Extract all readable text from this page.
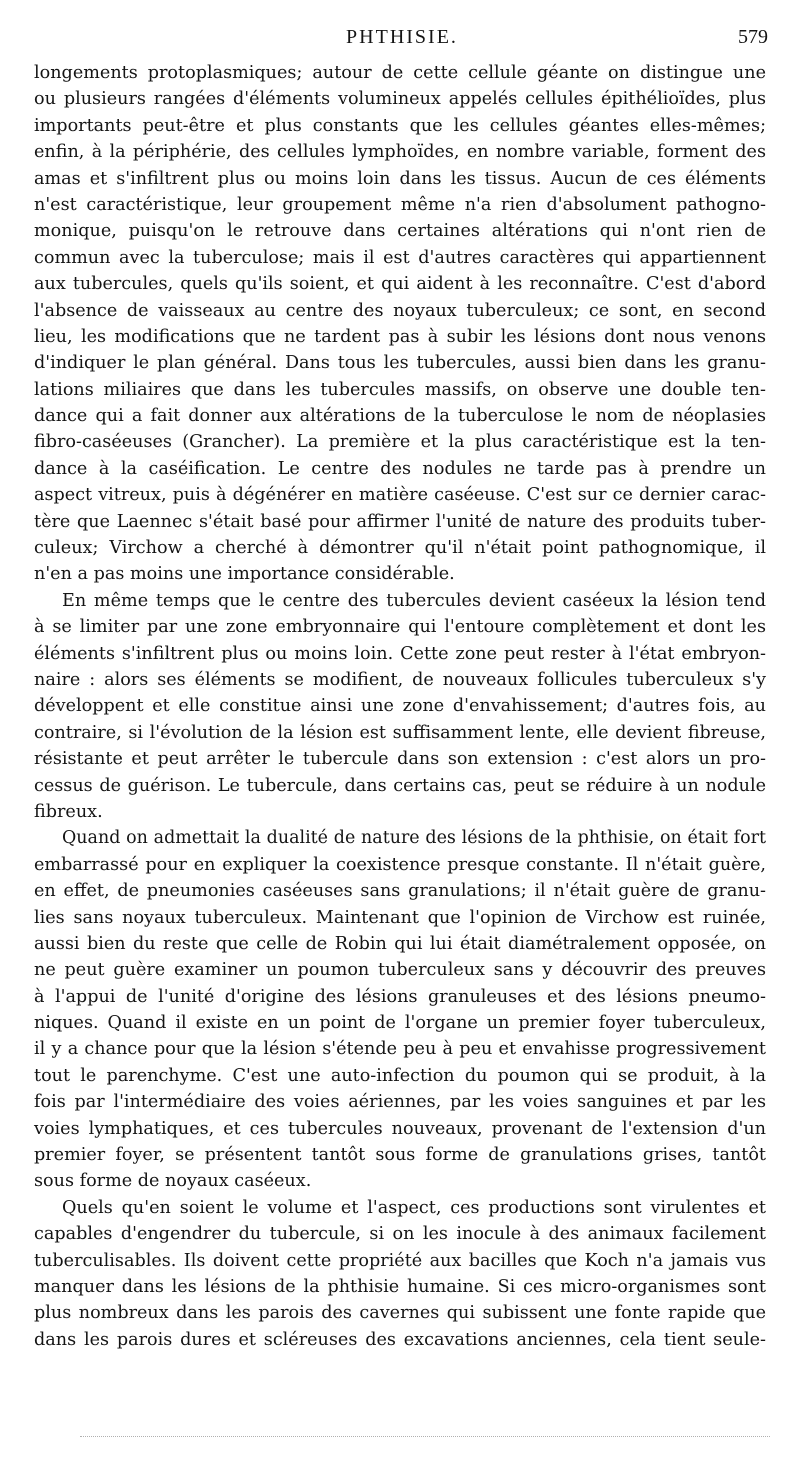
PHTHISIE.	579
longements protoplasmiques; autour de cette cellule géante on distingue une
ou plusieurs rangées d'éléments volumineux appelés cellules épithélioïdes, plus
importants peut-être et plus constants que les cellules géantes elles-mêmes;
enfin, à la périphérie, des cellules lymphoïdes, en nombre variable, forment des
amas et s'infiltrent plus ou moins loin dans les tissus. Aucun de ces éléments
n'est caractéristique, leur groupement même n'a rien d'absolument pathogno-
monique, puisqu'on le retrouve dans certaines altérations qui n'ont rien de
commun avec la tuberculose; mais il est d'autres caractères qui appartiennent
aux tubercules, quels qu'ils soient, et qui aident à les reconnaître. C'est d'abord
l'absence de vaisseaux au centre des noyaux tuberculeux; ce sont, en second
lieu, les modifications que ne tardent pas à subir les lésions dont nous venons
d'indiquer le plan général. Dans tous les tubercules, aussi bien dans les granu-
lations miliaires que dans les tubercules massifs, on observe une double ten-
dance qui a fait donner aux altérations de la tuberculose le nom de néoplasies
fibro-caséeuses (Grancher). La première et la plus caractéristique est la ten-
dance à la caséification. Le centre des nodules ne tarde pas à prendre un
aspect vitreux, puis à dégénérer en matière caséeuse. C'est sur ce dernier carac-
tère que Laennec s'était basé pour affirmer l'unité de nature des produits tuber-
culeux; Virchow a cherché à démontrer qu'il n'était point pathognomique, il
n'en a pas moins une importance considérable.
En même temps que le centre des tubercules devient caséeux la lésion tend
à se limiter par une zone embryonnaire qui l'entoure complètement et dont les
éléments s'infiltrent plus ou moins loin. Cette zone peut rester à l'état embryon-
naire : alors ses éléments se modifient, de nouveaux follicules tuberculeux s'y
développent et elle constitue ainsi une zone d'envahissement; d'autres fois, au
contraire, si l'évolution de la lésion est suffisamment lente, elle devient fibreuse,
résistante et peut arrêter le tubercule dans son extension : c'est alors un pro-
cessus de guérison. Le tubercule, dans certains cas, peut se réduire à un nodule
fibreux.
Quand on admettait la dualité de nature des lésions de la phthisie, on était fort
embarrassé pour en expliquer la coexistence presque constante. Il n'était guère,
en effet, de pneumonies caséeuses sans granulations; il n'était guère de granu-
lies sans noyaux tuberculeux. Maintenant que l'opinion de Virchow est ruinée,
aussi bien du reste que celle de Robin qui lui était diamétralement opposée, on
ne peut guère examiner un poumon tuberculeux sans y découvrir des preuves
à l'appui de l'unité d'origine des lésions granuleuses et des lésions pneumo-
niques. Quand il existe en un point de l'organe un premier foyer tuberculeux,
il y a chance pour que la lésion s'étende peu à peu et envahisse progressivement
tout le parenchyme. C'est une auto-infection du poumon qui se produit, à la
fois par l'intermédiaire des voies aériennes, par les voies sanguines et par les
voies lymphatiques, et ces tubercules nouveaux, provenant de l'extension d'un
premier foyer, se présentent tantôt sous forme de granulations grises, tantôt
sous forme de noyaux caséeux.
Quels qu'en soient le volume et l'aspect, ces productions sont virulentes et
capables d'engendrer du tubercule, si on les inocule à des animaux facilement
tuberculisables. Ils doivent cette propriété aux bacilles que Koch n'a jamais vus
manquer dans les lésions de la phthisie humaine. Si ces micro-organismes sont
plus nombreux dans les parois des cavernes qui subissent une fonte rapide que
dans les parois dures et scléreuses des excavations anciennes, cela tient seule-
